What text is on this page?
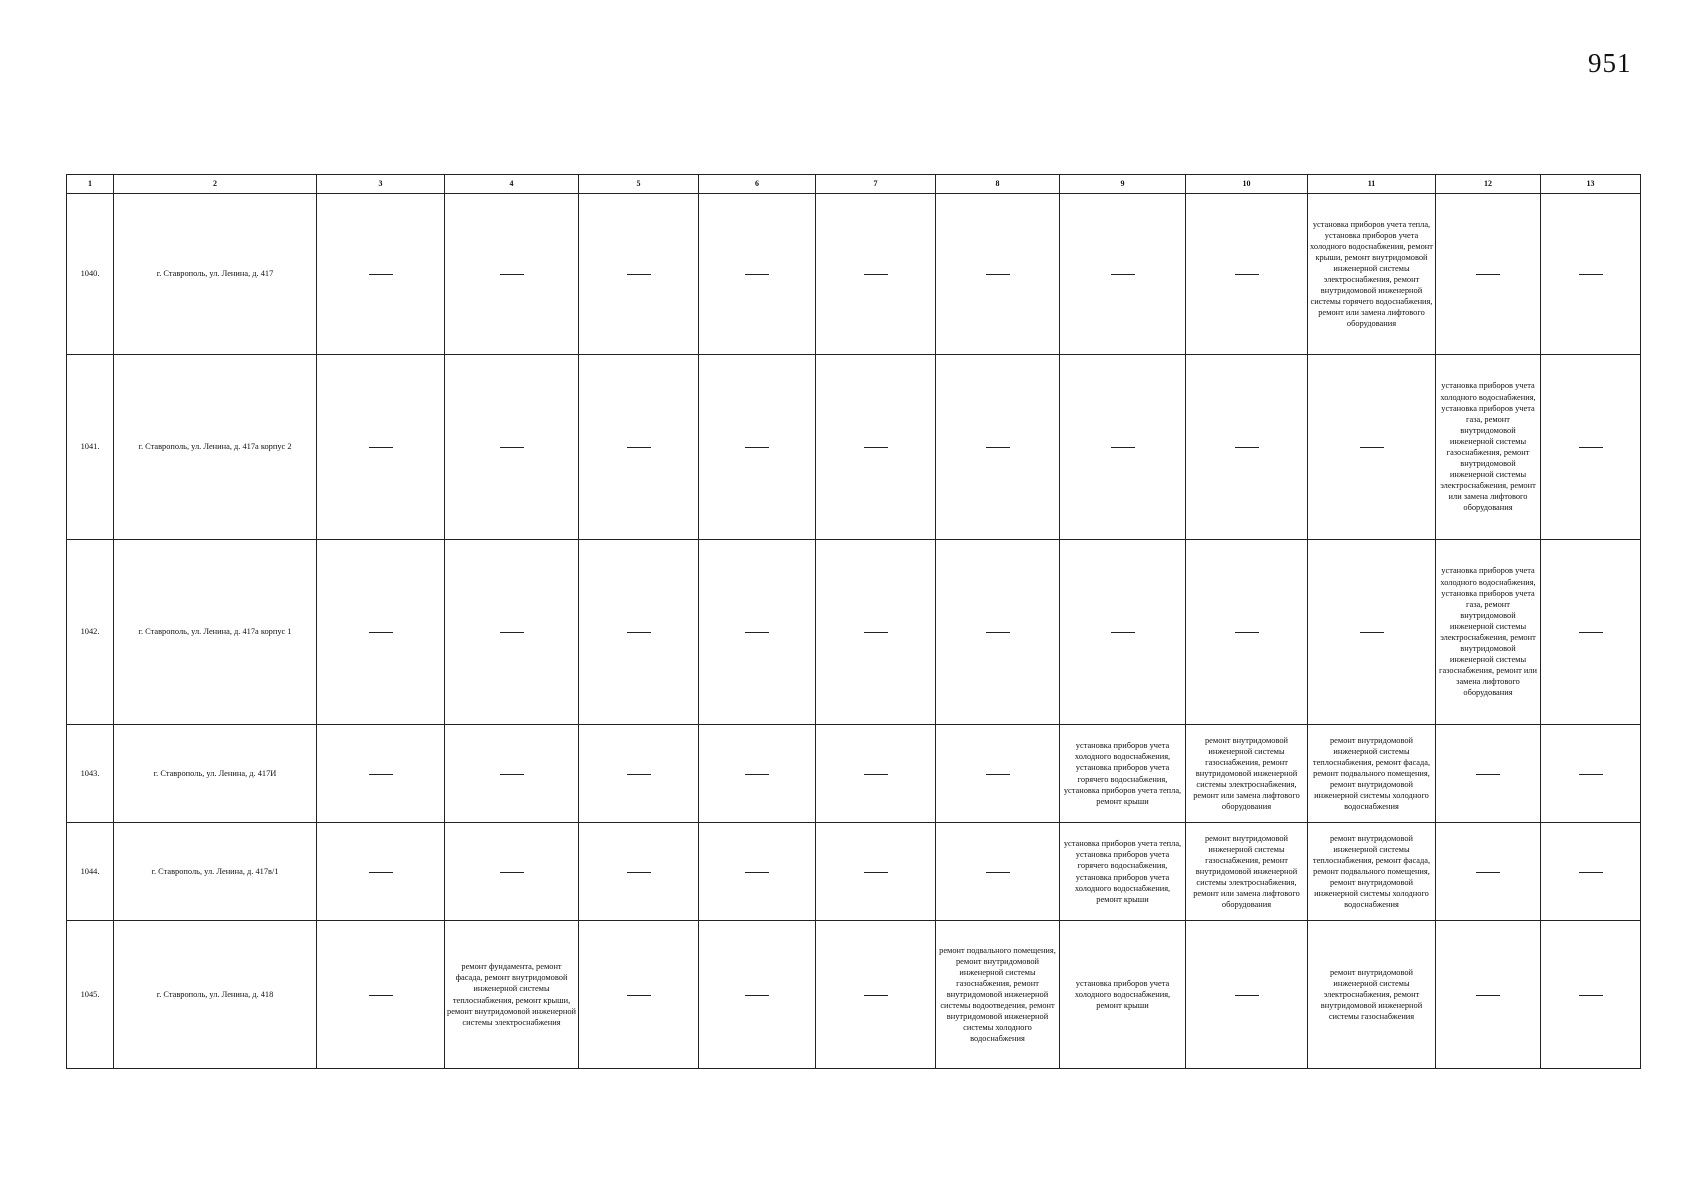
951
1	2	3	4	5	6	7	8	9	10	11	12	13
1040.	г. Ставрополь, ул. Ленина, д. 417									установка приборов учета тепла, установка приборов учета холодного водоснабжения, ремонт крыши, ремонт внутридомовой инженерной системы электроснабжения, ремонт внутридомовой инженерной системы горячего водоснабжения, ремонт или замена лифтового оборудования		

1041.	г. Ставрополь, ул. Ленина, д. 417а корпус 2										установка приборов учета холодного водоснабжения, установка приборов учета газа, ремонт внутридомовой инженерной системы газоснабжения, ремонт внутридомовой инженерной системы электроснабжения, ремонт или замена лифтового оборудования	

1042.	г. Ставрополь, ул. Ленина, д. 417а корпус 1										установка приборов учета холодного водоснабжения, установка приборов учета газа, ремонт внутридомовой инженерной системы электроснабжения, ремонт внутридомовой инженерной системы газоснабжения, ремонт или замена лифтового оборудования	

1043.	г. Ставрополь, ул. Ленина, д. 417И							установка приборов учета холодного водоснабжения, установка приборов учета горячего водоснабжения, установка приборов учета тепла, ремонт крыши	ремонт внутридомовой инженерной системы газоснабжения, ремонт внутридомовой инженерной системы электроснабжения, ремонт или замена лифтового оборудования	ремонт внутридомовой инженерной системы теплоснабжения, ремонт фасада, ремонт подвального помещения, ремонт внутридомовой инженерной системы холодного водоснабжения		

1044.	г. Ставрополь, ул. Ленина, д. 417в/1							установка приборов учета тепла, установка приборов учета горячего водоснабжения, установка приборов учета холодного водоснабжения, ремонт крыши	ремонт внутридомовой инженерной системы газоснабжения, ремонт внутридомовой инженерной системы электроснабжения, ремонт или замена лифтового оборудования	ремонт внутридомовой инженерной системы теплоснабжения, ремонт фасада, ремонт подвального помещения, ремонт внутридомовой инженерной системы холодного водоснабжения		

1045.	г. Ставрополь, ул. Ленина, д. 418		ремонт фундамента, ремонт фасада, ремонт внутридомовой инженерной системы теплоснабжения, ремонт крыши, ремонт внутридомовой инженерной системы электроснабжения				ремонт подвального помещения, ремонт внутридомовой инженерной системы газоснабжения, ремонт внутридомовой инженерной системы водоотведения, ремонт внутридомовой инженерной системы холодного водоснабжения	установка приборов учета холодного водоснабжения, ремонт крыши		ремонт внутридомовой инженерной системы электроснабжения, ремонт внутридомовой инженерной системы газоснабжения		
